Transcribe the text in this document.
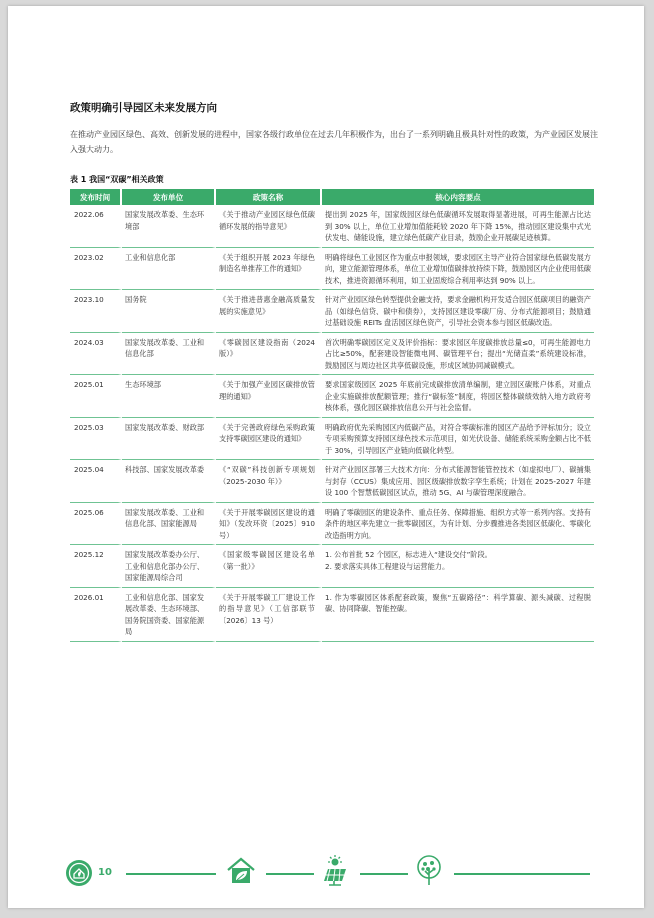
政策明确引导园区未来发展方向
在推动产业园区绿色、高效、创新发展的进程中，国家各级行政单位在过去几年积极作为，出台了一系列明确且极具针对性的政策，为产业园区发展注入强大动力。
表 1 我国“双碳”相关政策
发布时间	发布单位	政策名称	核心内容要点
2022.06	国家发展改革委、生态环境部	《关于推动产业园区绿色低碳循环发展的指导意见》	提出到 2025 年，国家级园区绿色低碳循环发展取得显著进展，可再生能源占比达到 30% 以上，单位工业增加值能耗较 2020 年下降 15%，推动园区建设集中式光伏发电、储能设施，建立绿色低碳产业目录，鼓励企业开展碳足迹核算。
2023.02	工业和信息化部	《关于组织开展 2023 年绿色制造名单推荐工作的通知》	明确将绿色工业园区作为重点申报领域，要求园区主导产业符合国家绿色低碳发展方向，建立能源管理体系，单位工业增加值碳排放持续下降，鼓励园区内企业使用低碳技术，推进资源循环利用，如工业固废综合利用率达到 90% 以上。
2023.10	国务院	《关于推进普惠金融高质量发展的实施意见》	针对产业园区绿色转型提供金融支持，要求金融机构开发适合园区低碳项目的融资产品（如绿色信贷、碳中和债券），支持园区建设零碳厂房、分布式能源项目；鼓励通过基础设施 REITs 盘活园区绿色资产，引导社会资本参与园区低碳改造。
2024.03	国家发展改革委、工业和信息化部	《零碳园区建设指南（2024 版）》	首次明确零碳园区定义及评价指标：要求园区年度碳排放总量≤0，可再生能源电力占比≥50%，配套建设智能微电网、碳管理平台；提出“光储直柔”系统建设标准，鼓励园区与周边社区共享低碳设施，形成区域协同减碳模式。
2025.01	生态环境部	《关于加强产业园区碳排放管理的通知》	要求国家级园区 2025 年底前完成碳排放清单编制，建立园区碳账户体系，对重点企业实施碳排放配额管理；推行“碳标签”制度，将园区整体碳绩效纳入地方政府考核体系，强化园区碳排放信息公开与社会监督。
2025.03	国家发展改革委、财政部	《关于完善政府绿色采购政策支持零碳园区建设的通知》	明确政府优先采购园区内低碳产品，对符合零碳标准的园区产品给予评标加分；设立专项采购预算支持园区绿色技术示范项目，如光伏设备、储能系统采购金额占比不低于 30%，引导园区产业链向低碳化转型。
2025.04	科技部、国家发展改革委	《“双碳”科技创新专项规划（2025-2030 年）》	针对产业园区部署三大技术方向：分布式能源智能管控技术（如虚拟电厂）、碳捕集与封存（CCUS）集成应用、园区级碳排放数字孪生系统；计划在 2025-2027 年建设 100 个智慧低碳园区试点，推动 5G、AI 与碳管理深度融合。
2025.06	国家发展改革委、工业和信息化部、国家能源局	《关于开展零碳园区建设的通知》（发改环资〔2025〕910 号）	明确了零碳园区的建设条件、重点任务、保障措施、组织方式等一系列内容。支持有条件的地区率先建立一批零碳园区，为有计划、分步骤推进各类园区低碳化、零碳化改造指明方向。
2025.12	国家发展改革委办公厅、工业和信息化部办公厅、国家能源局综合司	《国家级零碳园区建设名单（第一批）》	1. 公布首批 52 个园区，标志进入“建设交付”阶段。
2. 要求落实具体工程建设与运营能力。
2026.01	工业和信息化部、国家发展改革委、生态环境部、国务院国资委、国家能源局	《关于开展零碳工厂建设工作的指导意见》（工信部联节〔2026〕13 号）	1. 作为零碳园区体系配套政策，聚焦“五碳路径”：科学算碳、源头减碳、过程脱碳、协同降碳、智能控碳。
10
